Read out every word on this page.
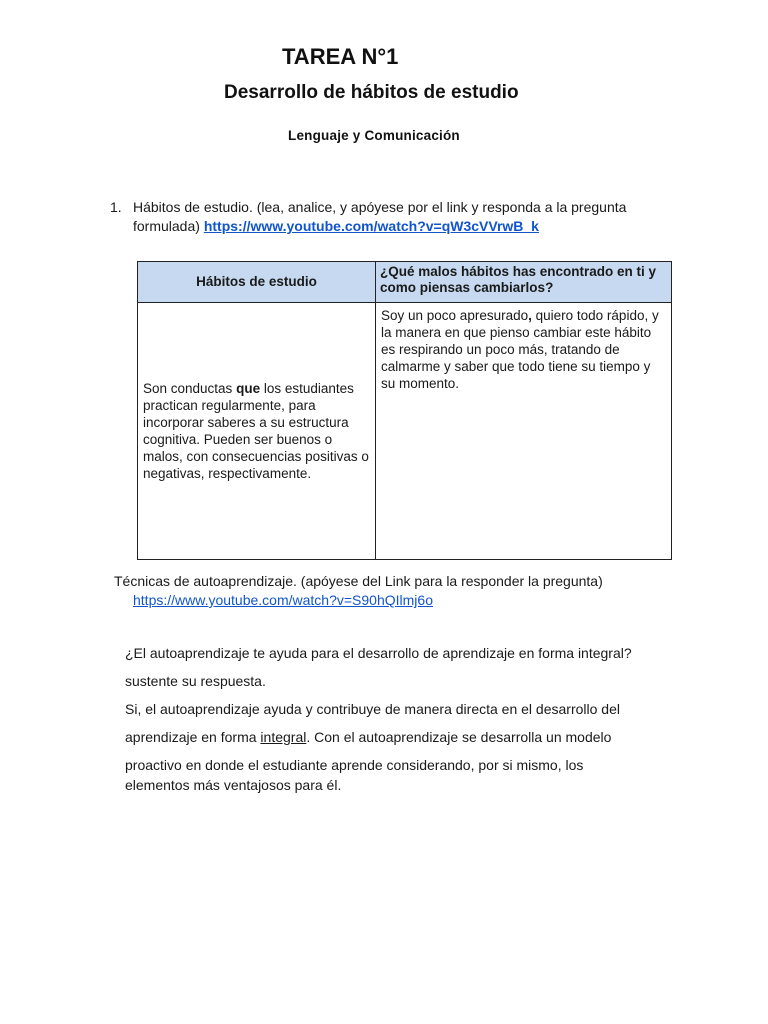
TAREA N°1
Desarrollo de hábitos de estudio
Lenguaje y Comunicación
1. Hábitos de estudio. (lea, analice, y apóyese por el link y responda a la pregunta formulada) https://www.youtube.com/watch?v=qW3cVVrwB_k
Hábitos de estudio	¿Qué malos hábitos has encontrado en ti y como piensas cambiarlos?
Son conductas que los estudiantes practican regularmente, para incorporar saberes a su estructura cognitiva. Pueden ser buenos o malos, con consecuencias positivas o negativas, respectivamente.	Soy un poco apresurado, quiero todo rápido, y la manera en que pienso cambiar este hábito es respirando un poco más, tratando de calmarme y saber que todo tiene su tiempo y su momento.
Técnicas de autoaprendizaje. (apóyese del Link para la responder la pregunta)
https://www.youtube.com/watch?v=S90hQIlmj6o
¿El autoaprendizaje te ayuda para el desarrollo de aprendizaje en forma integral?
sustente su respuesta.
Si, el autoaprendizaje ayuda y contribuye de manera directa en el desarrollo del
aprendizaje en forma integral. Con el autoaprendizaje se desarrolla un modelo
proactivo en donde el estudiante aprende considerando, por si mismo, los
elementos más ventajosos para él.
